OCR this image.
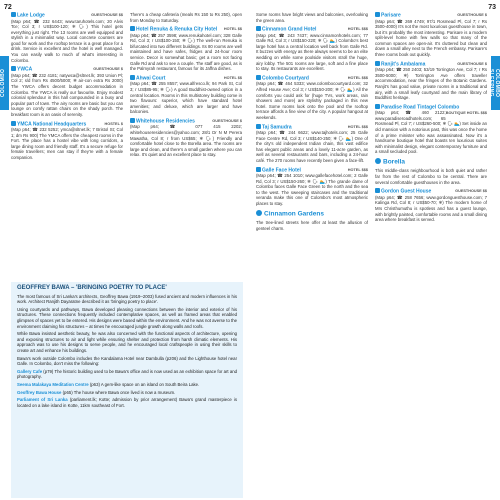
72	73
COLOMBO	COLOMBO SLEEPING
Lake Lodge	GUESTHOUSE $$
(Map p64; ☎ 232 6443; www.taruhotels.com; 20 Alvis Tce; Col 3; r US$100-120; ❄ 🗣) This hotel gets everything just right. The 13 rooms are well equipped and stylish in a minimalist way. Local concrete counters are good for work and the rooftop terrace is a great place for a drink. Service is excellent and the hotel is well managed. You can easily walk to much of what's interesting in Colombo.
YWCA	GUESTHOUSE $
(Map p64; ☎ 232 4181; natywca@sltnet.lk; 393 Union Pl; Col 2; s/d from Rs 4500/5000; ❄ air-con extra Rs 2000) The YWCA offers decent budget accommodation in Colombo. The YWCA is really our favourite. Enjoy modest colonial splendour in this hall compounded in a busy and popular part of town. The airy rooms are basic but you can lounge on comfy rattan chairs on the shady porch. The breakfast room is an oasis of serenity.
YMCA National Headquarters	HOSTEL $
(Map p64; ☎ 232 5252; ymca@sltnet.lk; 7 Bristol St; Col 1; dm Rs 900) The YMCA offers the cheapest rooms in the Fort. The place has a hostel vibe with long corridors, a large dining room and friendly staff. It's a secure refuge for female travellers; men can stay if they're with a female companion.
There's a cheap cafeteria (meals Rs 150 to Rs 250), open from Monday to Saturday.
Hotel Renuka & Renuka City Hotel HOTEL $$
(Map p64; ☎ 257 3598; www.renukahotel.com; 328 Galle Rd, Col 3; r US$100-150; ❄ 🗣) The well-run Renuka is bifurcated into two different buildings. Its 80 rooms are well maintained and have safes, fridges and 24-hour room service. Decor is somewhat basic; get a room not facing Galle Rd and ask to see a couple. The staff are good, as is the Palmyrah restaurant, famous for its Jaffna dishes.
Ahwai Court	HOTEL $$
(Map p64; ☎ 255 8557; www.alfresco.lk; 94 Park St, Col 3; r US$85-95; ❄ 🗣) A good Buddhist-owned option in a central location. Rooms in this multistorey building come in two flavours: superior, which have standard hotel amenities; and deluxe, which are larger and have balconies.
Whitehouse Residencies	GUESTHOUSE $
(Map p64; ☎ 077 415 2202; whitehouseresidencies@yahoo.com; 28/1 Dr N M Perera Mawatha, Col 8; r from US$65; ❄ 🗣) Friendly and comfortable hotel close to the Borella area. The rooms are large and clean, and there's a small garden where you can relax. It's quiet and an excellent place to stay.
GEOFFREY BAWA – 'BRINGING POETRY TO PLACE'

The most famous of Sri Lanka's architects, Geoffrey Bawa (1919–2003) fused ancient and modern influences in his work. Architect Ranjith Dayaratne described it as 'bringing poetry to place'.

Using courtyards and pathways, Bawa developed pleasing connections between the interior and exterior of his structures. These connections frequently included contemplative spaces, as well as framed areas that enabled glimpses of spaces yet to be entered. His designs were based within the environment. And he was not averse to the environment claiming his structures – at times he encouraged jungle growth along walls and roofs.

While Bawa insisted aesthetic beauty, he was also concerned with the functional aspects of architecture, opening and exposing structures to air and light while ensuring shelter and protection from harsh climatic elements. His approach was to use his designs to serve people, and he encouraged local craftspeople in using their skills to create art and enhance his buildings.

Bawa's work outside Colombo includes the Kandalama Hotel near Dambulla (p206) and the Lighthouse hotel near Galle. In Colombo, don't miss the following:

Gallery Cafe (p79) The historic building used to be Bawa's office and is now used as an exhibition space for art and photography.

Seema Malakaya Meditation Centre (p63) A gem-like space on an island on South Beira Lake.

Geoffrey Bawa House (p65) The house where Bawa once lived is now a museum.

Parliament of Sri Lanka (parliament.lk; Kotte; admission by prior arrangement) Bawa's grand masterpiece is located on a lake island in Kotte, 11km southeast of Fort.

Some rooms have bright views and balconies, overlooking the green area.
Cinnamon Grand Hotel	HOTEL $$$
(Map p64; ☎ 243 7437; www.cinnamonhotels.com; 77 Galle Rd, Col 3; r US$150-220; ❄ 🗣 🏊) Colombo's best large hotel has a central location well back from Galle Rd. It buzzes with energy as there always seems to be an elite wedding on while some poolside visitors stroll the huge, airy lobby. The 501 rooms are large, soft and a fine place to stay. Its restaurants are excellent.
Colombo Courtyard	HOTEL $$$
(Map p64; ☎ 464 5333; www.colombocourtyard.com; 32 Alfred House Ave; Col 3; r US$150-200; ❄ 🗣 🏊) All the comforts you could ask for (huge TVs, work areas, rain showers and more) are stylishly packaged in this new hotel. Some rooms look onto the pool and the rooftop terrace affords a fine view of the city. A popular hangout at weekends.
Taj Samudra	HOTEL $$$
(Map p64; ☎ 244 6622; www.tajhotels.com; 25 Galle Face Centre Rd, Col 3; r US$140-250; ❄ 🗣 🏊) One of the city's old independent Indian chain, this vast edifice has elegant public areas and a lovely 11-acre garden, as well as several restaurants and bars, including a 24-hour café. The 270 rooms have recently been given a face-lift.
Galle Face Hotel	HOTEL $$$
(Map p64; ☎ 254 1010; www.gallefacehotel.com; 2 Galle Rd, Col 3; r US$150-260; ❄ 🗣 🏊) The grande dame of Colombo faces Galle Face Green to the north and the sea to the west. The sweeping staircases and the traditional veranda make this one of Colombo's most atmospheric places to stay.
Cinnamon Gardens
The tree-lined streets here offer at least the allusion of genteel charm.
Parisare	GUESTHOUSE $
(Map p64; ☎ 269 4749; 97/1 Rosmead Pl, Col 7; r Rs 3500-4000) It's not the most luxurious guesthouse in town, but it's probably the most interesting. Parisare is a modern split-level home with few walls so that many of the common spaces are open-air. It's cluttered but clean and down a small alley next to the French embassy. Parisare's three rooms book out quickly.
Ranjit's Ambalama	GUESTHOUSE $
(Map p64; ☎ 250 2403; 53/19 Torrington Ave, Col 7; r Rs 3500-5000; ❄) Torrington Ave offers traveller accommodation, near the fringes of the Botanic Gardens. Ranjit's has good value, private rooms in a traditional and airy, with a small leafy courtyard and the main library of Buddhist heritage.
Paradise Road Tintagel Colombo
BOUTIQUE HOTEL $$$
(Map p64; ☎ 460 2122; www.paradiseroadhotels.com; 65 Rosmead Pl, Col 7; r US$260-500; ❄ 🗣 🏊) Set inside an old mansion with a notorious past, this was once the home of a prime minister who was assassinated. Now it's a handsome boutique hotel that boasts ten luxurious suites with minimalist design, elegant contemporary furniture and a small secluded pool.
Borella
This middle-class neighbourhood is both quiet and rather far from the rest of Colombo to be central. There are several comfortable guesthouses in the area.
Gordon Guest House	GUESTHOUSE $$
(Map p64; ☎ 258 7656; www.gordonguesthouse.com; 7 Kalinga Rd, Col 8; r US$50-70; ❄) The modern home of Mrs Christhumuthu is spotless and has a guest lounge, with brightly painted, comfortable rooms and a small dining area where breakfast is served.
